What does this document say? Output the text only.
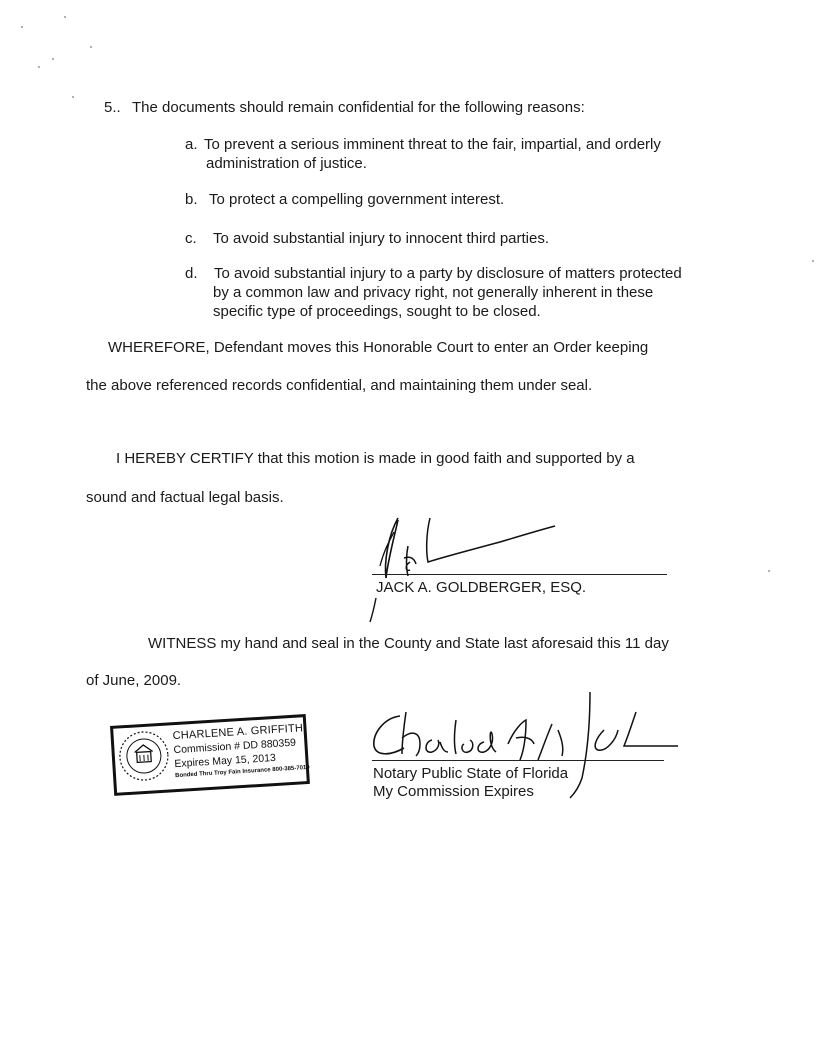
5.. The documents should remain confidential for the following reasons:
a. To prevent a serious imminent threat to the fair, impartial, and orderly
administration of justice.
b. To protect a compelling government interest.
c. To avoid substantial injury to innocent third parties.
d. To avoid substantial injury to a party by disclosure of matters protected
by a common law and privacy right, not generally inherent in these
specific type of proceedings, sought to be closed.
WHEREFORE, Defendant moves this Honorable Court to enter an Order keeping
the above referenced records confidential, and maintaining them under seal.
I HEREBY CERTIFY that this motion is made in good faith and supported by a
sound and factual legal basis.
JACK A. GOLDBERGER, ESQ.
WITNESS my hand and seal in the County and State last aforesaid this 11 day
of June, 2009.
CHARLENE A. GRIFFITH
Commission # DD 880359
Expires May 15, 2013
Bonded Thru Troy Fain Insurance 800-385-7019	Notary Public State of Florida
My Commission Expires
